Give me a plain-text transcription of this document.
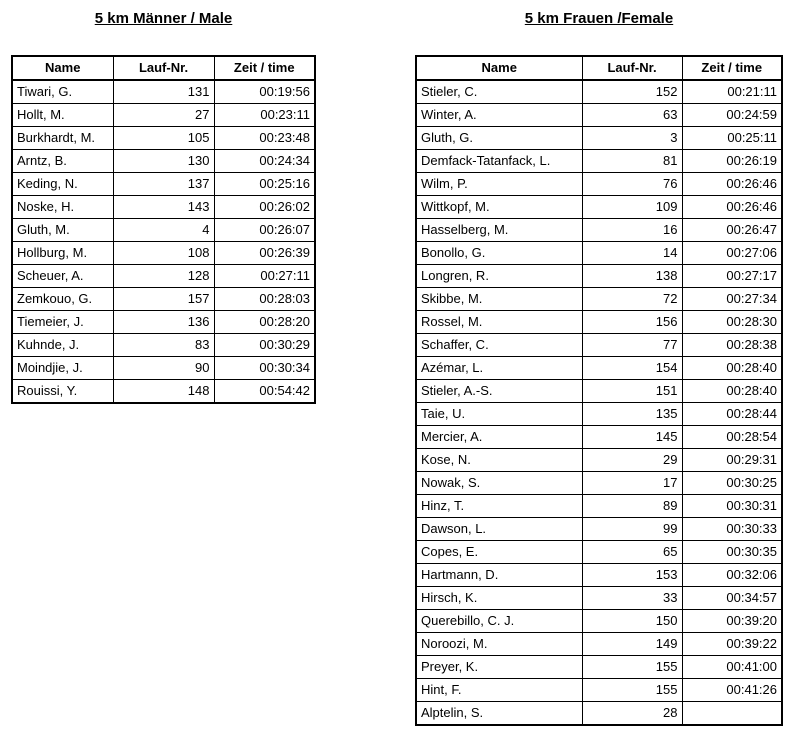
5 km Männer / Male	5 km Frauen /Female
Name	Lauf-Nr.	Zeit / time
Tiwari, G.	131	00:19:56
Hollt, M.	27	00:23:11
Burkhardt, M.	105	00:23:48
Arntz, B.	130	00:24:34
Keding, N.	137	00:25:16
Noske, H.	143	00:26:02
Gluth, M.	4	00:26:07
Hollburg, M.	108	00:26:39
Scheuer, A.	128	00:27:11
Zemkouo, G.	157	00:28:03
Tiemeier, J.	136	00:28:20
Kuhnde, J.	83	00:30:29
Moindjie, J.	90	00:30:34
Rouissi, Y.	148	00:54:42
Name	Lauf-Nr.	Zeit / time
Stieler, C.	152	00:21:11
Winter, A.	63	00:24:59
Gluth, G.	3	00:25:11
Demfack-Tatanfack, L.	81	00:26:19
Wilm, P.	76	00:26:46
Wittkopf, M.	109	00:26:46
Hasselberg, M.	16	00:26:47
Bonollo, G.	14	00:27:06
Longren, R.	138	00:27:17
Skibbe, M.	72	00:27:34
Rossel, M.	156	00:28:30
Schaffer, C.	77	00:28:38
Azémar, L.	154	00:28:40
Stieler, A.-S.	151	00:28:40
Taie, U.	135	00:28:44
Mercier, A.	145	00:28:54
Kose, N.	29	00:29:31
Nowak, S.	17	00:30:25
Hinz, T.	89	00:30:31
Dawson, L.	99	00:30:33
Copes, E.	65	00:30:35
Hartmann, D.	153	00:32:06
Hirsch, K.	33	00:34:57
Querebillo, C. J.	150	00:39:20
Noroozi, M.	149	00:39:22
Preyer, K.	155	00:41:00
Hint, F.	155	00:41:26
Alptelin, S.	28	
